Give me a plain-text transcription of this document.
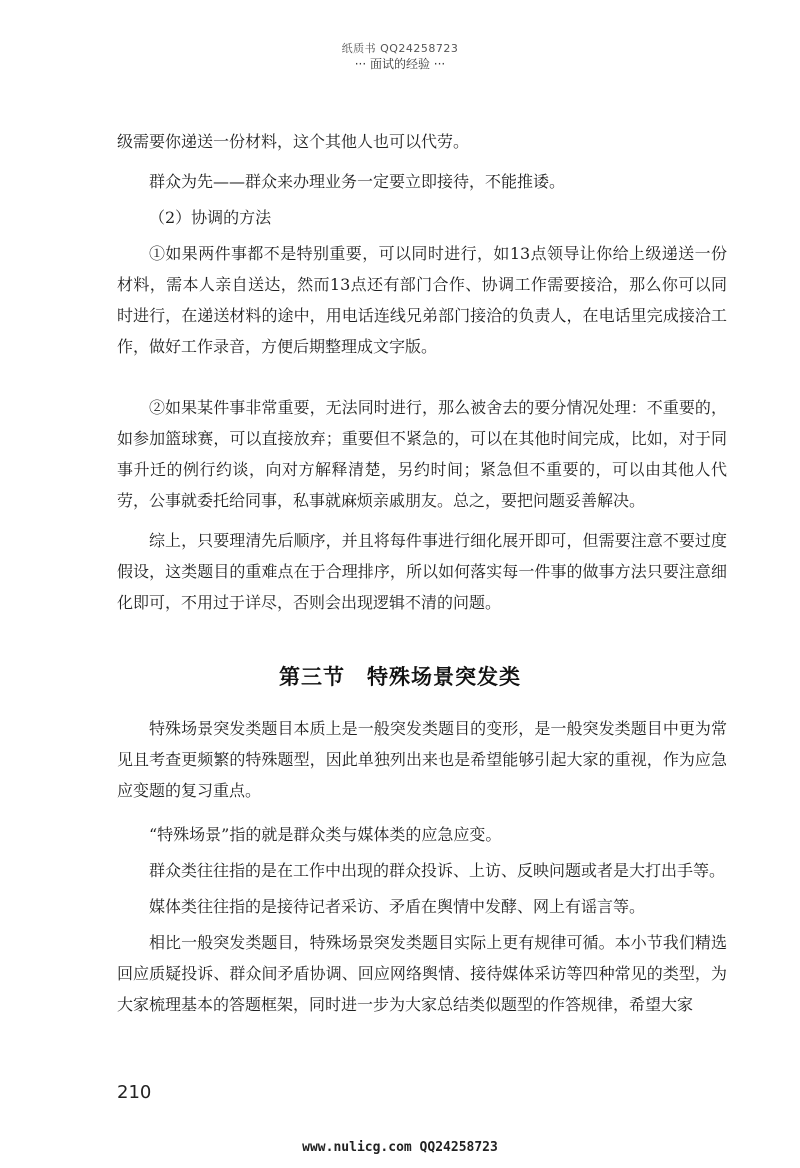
纸质书 QQ24258723
··· 面试的经验 ···

级需要你递送一份材料，这个其他人也可以代劳。

群众为先——群众来办理业务一定要立即接待，不能推诿。

（2）协调的方法

①如果两件事都不是特别重要，可以同时进行，如13点领导让你给上级递送一份材料，需本人亲自送达，然而13点还有部门合作、协调工作需要接洽，那么你可以同时进行，在递送材料的途中，用电话连线兄弟部门接洽的负责人，在电话里完成接洽工作，做好工作录音，方便后期整理成文字版。

②如果某件事非常重要，无法同时进行，那么被舍去的要分情况处理：不重要的，如参加篮球赛，可以直接放弃；重要但不紧急的，可以在其他时间完成，比如，对于同事升迁的例行约谈，向对方解释清楚，另约时间；紧急但不重要的，可以由其他人代劳，公事就委托给同事，私事就麻烦亲戚朋友。总之，要把问题妥善解决。

综上，只要理清先后顺序，并且将每件事进行细化展开即可，但需要注意不要过度假设，这类题目的重难点在于合理排序，所以如何落实每一件事的做事方法只要注意细化即可，不用过于详尽，否则会出现逻辑不清的问题。

第三节　特殊场景突发类

特殊场景突发类题目本质上是一般突发类题目的变形，是一般突发类题目中更为常见且考查更频繁的特殊题型，因此单独列出来也是希望能够引起大家的重视，作为应急应变题的复习重点。

“特殊场景”指的就是群众类与媒体类的应急应变。

群众类往往指的是在工作中出现的群众投诉、上访、反映问题或者是大打出手等。

媒体类往往指的是接待记者采访、矛盾在舆情中发酵、网上有谣言等。

相比一般突发类题目，特殊场景突发类题目实际上更有规律可循。本小节我们精选回应质疑投诉、群众间矛盾协调、回应网络舆情、接待媒体采访等四种常见的类型，为大家梳理基本的答题框架，同时进一步为大家总结类似题型的作答规律，希望大家

210
www.nulicg.com QQ24258723
